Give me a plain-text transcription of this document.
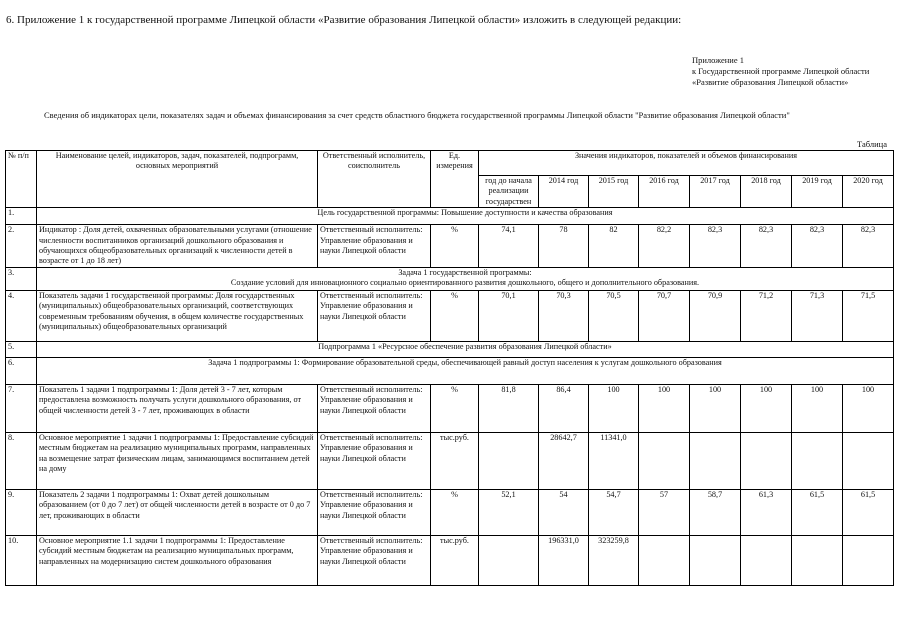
6. Приложение 1 к государственной программе Липецкой области «Развитие образования Липецкой области» изложить в следующей редакции:
Приложение 1
к Государственной программе Липецкой области
«Развитие образования Липецкой области»
Сведения об индикаторах цели, показателях задач и объемах финансирования за счет средств областного бюджета государственной программы Липецкой области "Развитие образования Липецкой области"
Таблица
№ п/п	Наименование целей, индикаторов, задач, показателей, подпрограмм, основных мероприятий	Ответственный исполнитель, соисполнитель	Ед. измерения	Значения индикаторов, показателей и объемов финансирования							
				год до начала реализации государствен	2014 год	2015 год	2016 год	2017 год	2018 год	2019 год	2020 год
1.	Цель государственной программы: Повышение доступности и качества образования										

2.	Индикатор : Доля детей, охваченных образовательными услугами (отношение численности воспитанников организаций дошкольного образования и обучающихся общеобразовательных организаций к численности детей в возрасте от 1 до 18 лет)	Ответственный исполнитель: Управление образования и науки Липецкой области	%	74,1	78	82	82,2	82,3	82,3	82,3	82,3
3.	Задача 1 государственной программы:
Создание условий для инновационного социально ориентированного развития дошкольного, общего и дополнительного образования.										

4.	Показатель задачи 1 государственной программы: Доля государственных (муниципальных) общеобразовательных организаций, соответствующих современным требованиям обучения, в общем количестве государственных (муниципальных) общеобразовательных организаций	Ответственный исполнитель: Управление образования и науки Липецкой области	%	70,1	70,3	70,5	70,7	70,9	71,2	71,3	71,5
5.	Подпрограмма 1 «Ресурсное обеспечение развития образования Липецкой области»										

6.	Задача 1 подпрограммы 1: Формирование образовательной среды, обеспечивающей равный доступ населения к услугам дошкольного образования										

7.	Показатель 1 задачи 1 подпрограммы 1: Доля детей 3 - 7 лет, которым предоставлена возможность получать услуги дошкольного образования, от общей численности детей 3 - 7 лет, проживающих в области	Ответственный исполнитель: Управление образования и науки Липецкой области	%	81,8	86,4	100	100	100	100	100	100
8.	Основное мероприятие 1 задачи 1 подпрограммы 1: Предоставление субсидий местным бюджетам на реализацию муниципальных программ, направленных на возмещение затрат физическим лицам, занимающимся воспитанием детей на дому	Ответственный исполнитель: Управление образования и науки Липецкой области	тыс.руб.		28642,7	11341,0					
9.	Показатель 2 задачи 1 подпрограммы 1: Охват детей дошкольным образованием (от 0 до 7 лет) от общей численности детей в возрасте от 0 до 7 лет, проживающих в области	Ответственный исполнитель: Управление образования и науки Липецкой области	%	52,1	54	54,7	57	58,7	61,3	61,5	61,5
10.	Основное мероприятие 1.1 задачи 1 подпрограммы 1: Предоставление субсидий местным бюджетам на реализацию муниципальных программ, направленных на модернизацию систем дошкольного образования	Ответственный исполнитель: Управление образования и науки Липецкой области	тыс.руб.		196331,0	323259,8					
